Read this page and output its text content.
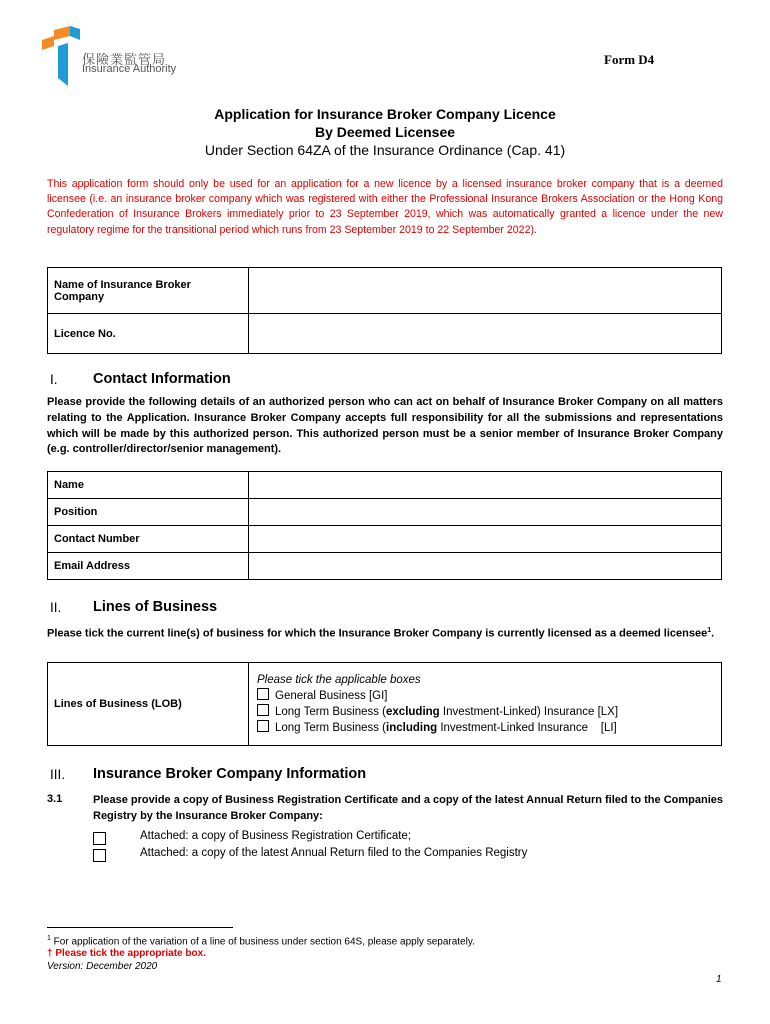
保險業監管局
Insurance Authority
Form D4
Application for Insurance Broker Company Licence
By Deemed Licensee
Under Section 64ZA of the Insurance Ordinance (Cap. 41)
This application form should only be used for an application for a new licence by a licensed insurance broker company that is a deemed licensee (i.e. an insurance broker company which was registered with either the Professional Insurance Brokers Association or the Hong Kong Confederation of Insurance Brokers immediately prior to 23 September 2019, which was automatically granted a licence under the new regulatory regime for the transitional period which runs from 23 September 2019 to 22 September 2022).
Name of Insurance Broker Company	
Licence No.	
I. Contact Information
Please provide the following details of an authorized person who can act on behalf of Insurance Broker Company on all matters relating to the Application. Insurance Broker Company accepts full responsibility for all the submissions and representations which will be made by this authorized person. This authorized person must be a senior member of Insurance Broker Company (e.g. controller/director/senior management).
Name	
Position	
Contact Number	
Email Address	
II. Lines of Business
Please tick the current line(s) of business for which the Insurance Broker Company is currently licensed as a deemed licensee$^1$.
Lines of Business (LOB)	
Please tick the applicable boxes
General Business [GI]
Long Term Business (excluding Investment-Linked) Insurance [LX]
Long Term Business (including Investment-Linked Insurance    [LI]
III. Insurance Broker Company Information
3.1	Please provide a copy of Business Registration Certificate and a copy of the latest Annual Return filed to the Companies Registry by the Insurance Broker Company:
Attached: a copy of Business Registration Certificate;
Attached: a copy of the latest Annual Return filed to the Companies Registry
$^1$ For application of the variation of a line of business under section 64S, please apply separately.
† Please tick the appropriate box.
Version: December 2020
1
